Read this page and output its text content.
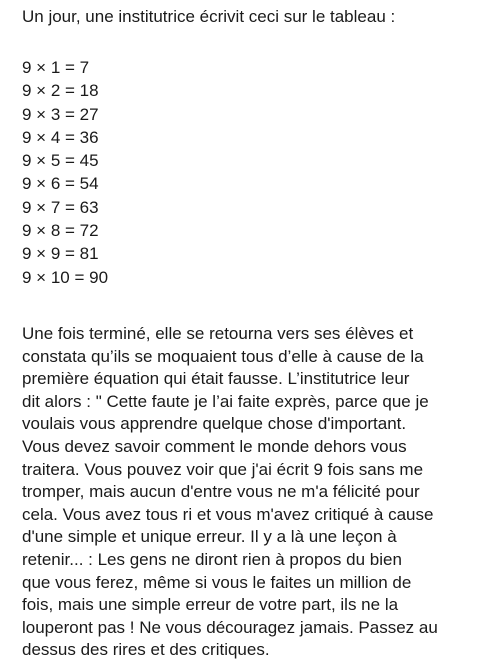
Un jour, une institutrice écrivit ceci sur le tableau :

9 × 1 = 7
9 × 2 = 18
9 × 3 = 27
9 × 4 = 36
9 × 5 = 45
9 × 6 = 54
9 × 7 = 63
9 × 8 = 72
9 × 9 = 81
9 × 10 = 90
Une fois terminé, elle se retourna vers ses élèves et
constata qu’ils se moquaient tous d’elle à cause de la
première équation qui était fausse. L’institutrice leur
dit alors : " Cette faute je l’ai faite exprès, parce que je
voulais vous apprendre quelque chose d'important.
Vous devez savoir comment le monde dehors vous
traitera. Vous pouvez voir que j'ai écrit 9 fois sans me
tromper, mais aucun d'entre vous ne m'a félicité pour
cela. Vous avez tous ri et vous m'avez critiqué à cause
d'une simple et unique erreur. Il y a là une leçon à
retenir... : Les gens ne diront rien à propos du bien
que vous ferez, même si vous le faites un million de
fois, mais une simple erreur de votre part, ils ne la
louperont pas ! Ne vous découragez jamais. Passez au
dessus des rires et des critiques.
